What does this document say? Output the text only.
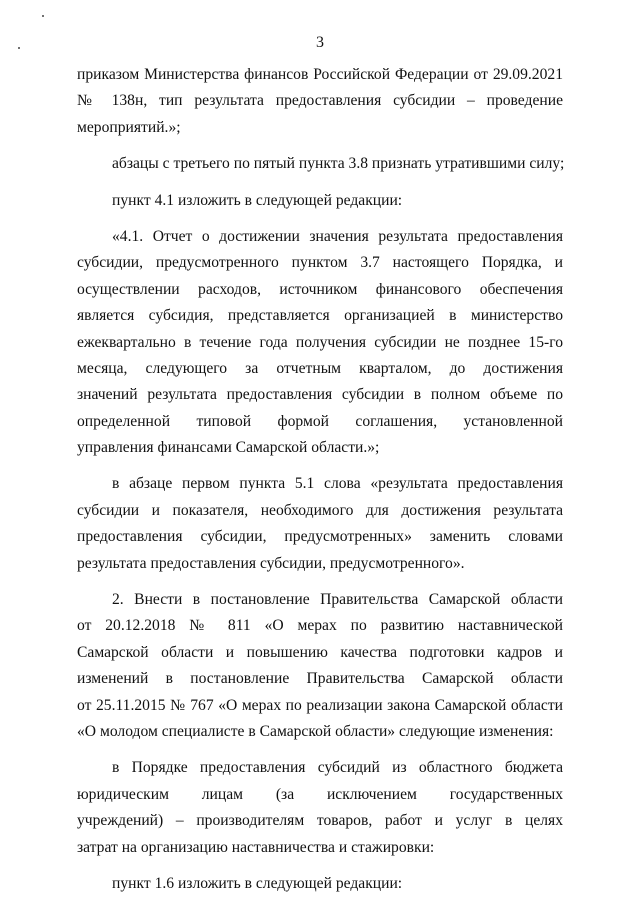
3
приказом Министерства финансов Российской Федерации от 29.09.2021
№ 138н, тип результата предоставления субсидии – проведение
мероприятий.»;
абзацы с третьего по пятый пункта 3.8 признать утратившими силу;
пункт 4.1 изложить в следующей редакции:
«4.1. Отчет о достижении значения результата предоставления
субсидии, предусмотренного пунктом 3.7 настоящего Порядка, и
осуществлении расходов, источником финансового обеспечения
является субсидия, представляется организацией в министерство
ежеквартально в течение года получения субсидии не позднее 15-го
месяца, следующего за отчетным кварталом, до достижения
значений результата предоставления субсидии в полном объеме по
определенной типовой формой соглашения, установленной
управления финансами Самарской области.»;
в абзаце первом пункта 5.1 слова «результата предоставления
субсидии и показателя, необходимого для достижения результата
предоставления субсидии, предусмотренных» заменить словами
результата предоставления субсидии, предусмотренного».
2. Внести в постановление Правительства Самарской области
от 20.12.2018 № 811 «О мерах по развитию наставнической
Самарской области и повышению качества подготовки кадров и
изменений в постановление Правительства Самарской области
от 25.11.2015 № 767 «О мерах по реализации закона Самарской области
«О молодом специалисте в Самарской области» следующие изменения:
в Порядке предоставления субсидий из областного бюджета
юридическим лицам (за исключением государственных
учреждений) – производителям товаров, работ и услуг в целях
затрат на организацию наставничества и стажировки:
пункт 1.6 изложить в следующей редакции:
